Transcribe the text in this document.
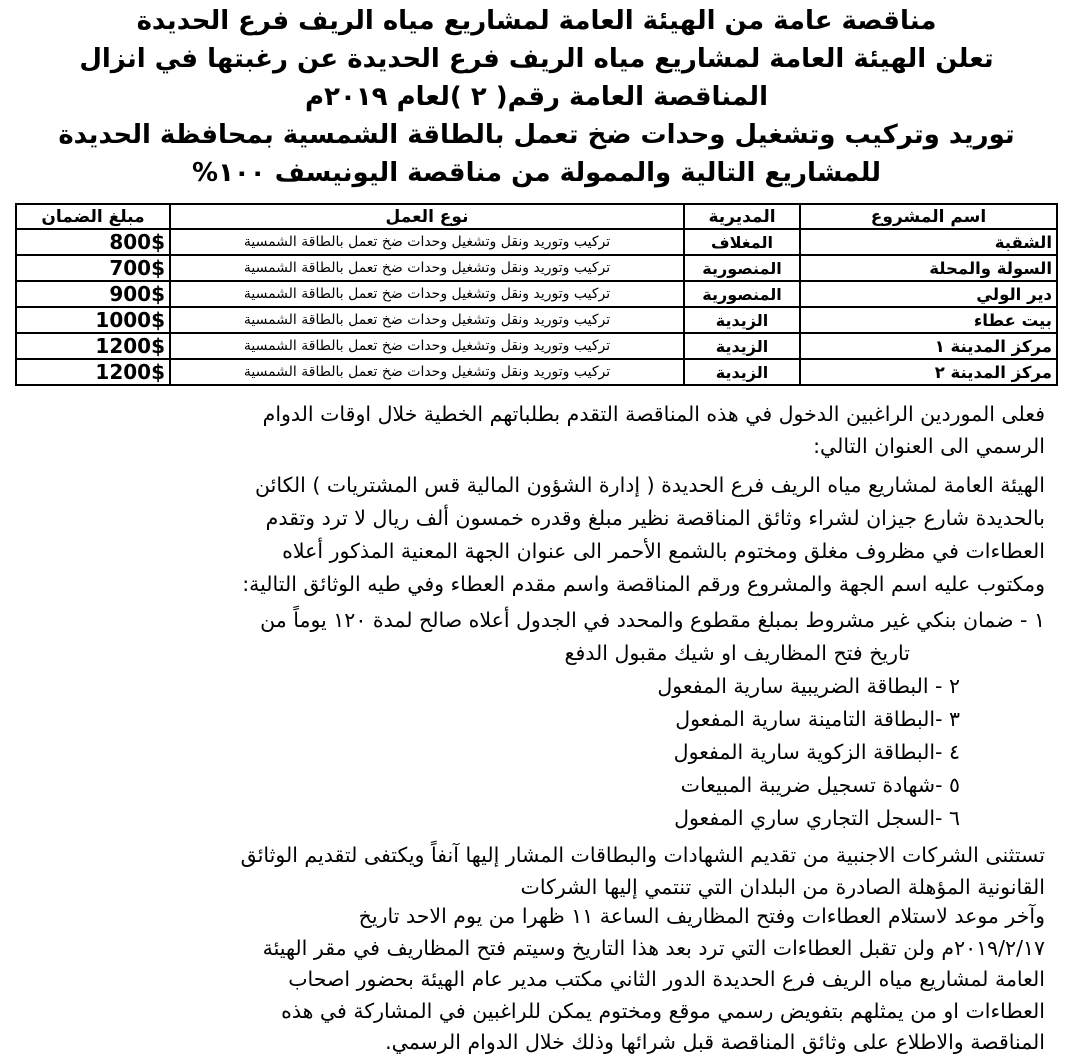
مناقصة عامة من الهيئة العامة لمشاريع مياه الريف فرع الحديدة
تعلن الهيئة العامة لمشاريع مياه الريف فرع الحديدة عن رغبتها في انزال
المناقصة العامة رقم( ٢ )لعام ٢٠١٩م
توريد وتركيب وتشغيل وحدات ضخ تعمل بالطاقة الشمسية بمحافظة الحديدة
للمشاريع التالية والممولة من مناقصة اليونيسف ١٠٠%
اسم المشروع	المديرية	نوع العمل	مبلغ الضمان
الشقبة	المغلاف	تركيب وتوريد ونقل وتشغيل وحدات ضخ تعمل بالطاقة الشمسية	800$
السولة والمحلة	المنصورية	تركيب وتوريد ونقل وتشغيل وحدات ضخ تعمل بالطاقة الشمسية	700$
دير الولي	المنصورية	تركيب وتوريد ونقل وتشغيل وحدات ضخ تعمل بالطاقة الشمسية	900$
بيت عطاء	الزيدية	تركيب وتوريد ونقل وتشغيل وحدات ضخ تعمل بالطاقة الشمسية	1000$
مركز المدينة ١	الزيدية	تركيب وتوريد ونقل وتشغيل وحدات ضخ تعمل بالطاقة الشمسية	1200$
مركز المدينة ٢	الزيدية	تركيب وتوريد ونقل وتشغيل وحدات ضخ تعمل بالطاقة الشمسية	1200$
فعلى الموردين الراغبين الدخول في هذه المناقصة التقدم بطلباتهم الخطية خلال اوقات الدوام
الرسمي الى العنوان التالي:
الهيئة العامة لمشاريع مياه الريف فرع الحديدة ( إدارة الشؤون المالية قس المشتريات ) الكائن
بالحديدة شارع جيزان لشراء وثائق المناقصة نظير مبلغ وقدره خمسون ألف ريال لا ترد وتقدم
العطاءات في مظروف مغلق ومختوم بالشمع الأحمر الى عنوان الجهة المعنية المذكور أعلاه
ومكتوب عليه اسم الجهة والمشروع ورقم المناقصة واسم مقدم العطاء وفي طيه الوثائق التالية:
١ - ضمان بنكي غير مشروط بمبلغ مقطوع والمحدد في الجدول أعلاه صالح لمدة ١٢٠ يوماً من
تاريخ فتح المظاريف او شيك مقبول الدفع
٢ - البطاقة الضريبية سارية المفعول
٣ -البطاقة التامينة سارية المفعول
٤ -البطاقة الزكوية سارية المفعول
٥ -شهادة تسجيل ضريبة المبيعات
٦ -السجل التجاري ساري المفعول
تستثنى الشركات الاجنبية من تقديم الشهادات والبطاقات المشار إليها آنفاً ويكتفى لتقديم الوثائق
القانونية المؤهلة الصادرة من البلدان التي تنتمي إليها الشركات
وآخر موعد لاستلام العطاءات وفتح المظاريف الساعة ١١ ظهرا من يوم الاحد تاريخ
٢٠١٩/٢/١٧م ولن تقبل العطاءات التي ترد بعد هذا التاريخ وسيتم فتح المظاريف في مقر الهيئة
العامة لمشاريع مياه الريف فرع الحديدة الدور الثاني مكتب مدير عام الهيئة بحضور اصحاب
العطاءات او من يمثلهم بتفويض رسمي موقع ومختوم يمكن للراغبين في المشاركة في هذه
المناقصة والاطلاع على وثائق المناقصة قبل شرائها وذلك خلال الدوام الرسمي.
